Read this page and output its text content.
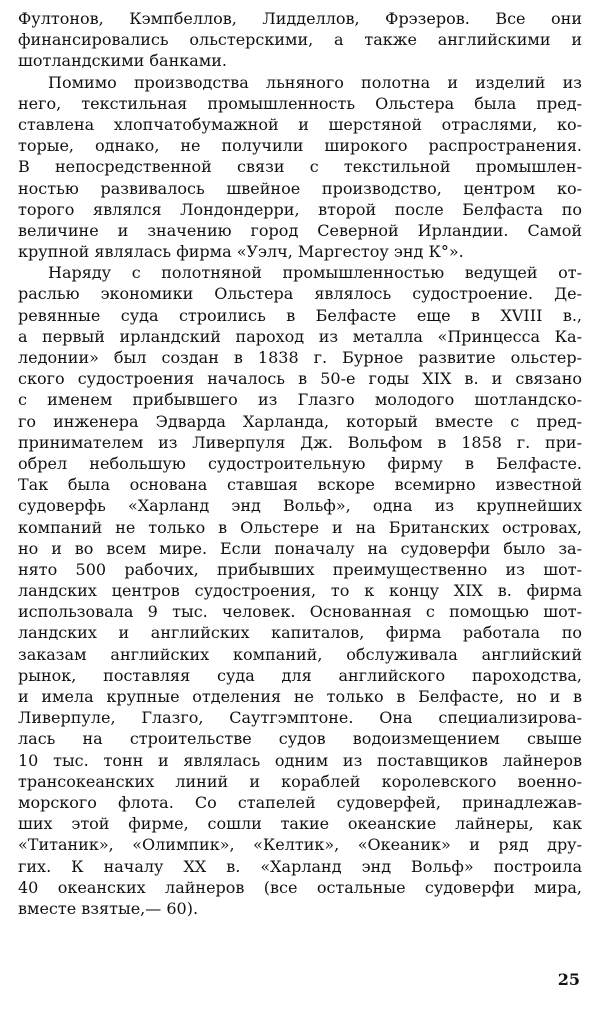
Фултонов, Кэмпбеллов, Лидделлов, Фрэзеров. Все они
финансировались ольстерскими, а также английскими и
шотландскими банками.

Помимо производства льняного полотна и изделий из
него, текстильная промышленность Ольстера была пред-
ставлена хлопчатобумажной и шерстяной отраслями, ко-
торые, однако, не получили широкого распространения.
В непосредственной связи с текстильной промышлен-
ностью развивалось швейное производство, центром ко-
торого являлся Лондондерри, второй после Белфаста по
величине и значению город Северной Ирландии. Самой
крупной являлась фирма «Уэлч, Маргестоу энд К°».

Наряду с полотняной промышленностью ведущей от-
раслью экономики Ольстера являлось судостроение. Де-
ревянные суда строились в Белфасте еще в XVIII в.,
а первый ирландский пароход из металла «Принцесса Ка-
ледонии» был создан в 1838 г. Бурное развитие ольстер-
ского судостроения началось в 50-е годы XIX в. и связано
с именем прибывшего из Глазго молодого шотландско-
го инженера Эдварда Харланда, который вместе с пред-
принимателем из Ливерпуля Дж. Вольфом в 1858 г. при-
обрел небольшую судостроительную фирму в Белфасте.
Так была основана ставшая вскоре всемирно известной
судоверфь «Харланд энд Вольф», одна из крупнейших
компаний не только в Ольстере и на Британских островах,
но и во всем мире. Если поначалу на судоверфи было за-
нято 500 рабочих, прибывших преимущественно из шот-
ландских центров судостроения, то к концу XIX в. фирма
использовала 9 тыс. человек. Основанная с помощью шот-
ландских и английских капиталов, фирма работала по
заказам английских компаний, обслуживала английский
рынок, поставляя суда для английского пароходства,
и имела крупные отделения не только в Белфасте, но и в
Ливерпуле, Глазго, Саутгэмптоне. Она специализирова-
лась на строительстве судов водоизмещением свыше
10 тыс. тонн и являлась одним из поставщиков лайнеров
трансокеанских линий и кораблей королевского военно-
морского флота. Со стапелей судоверфей, принадлежав-
ших этой фирме, сошли такие океанские лайнеры, как
«Титаник», «Олимпик», «Келтик», «Океаник» и ряд дру-
гих. К началу XX в. «Харланд энд Вольф» построила
40 океанских лайнеров (все остальные судоверфи мира,
вместе взятые,— 60).

25
